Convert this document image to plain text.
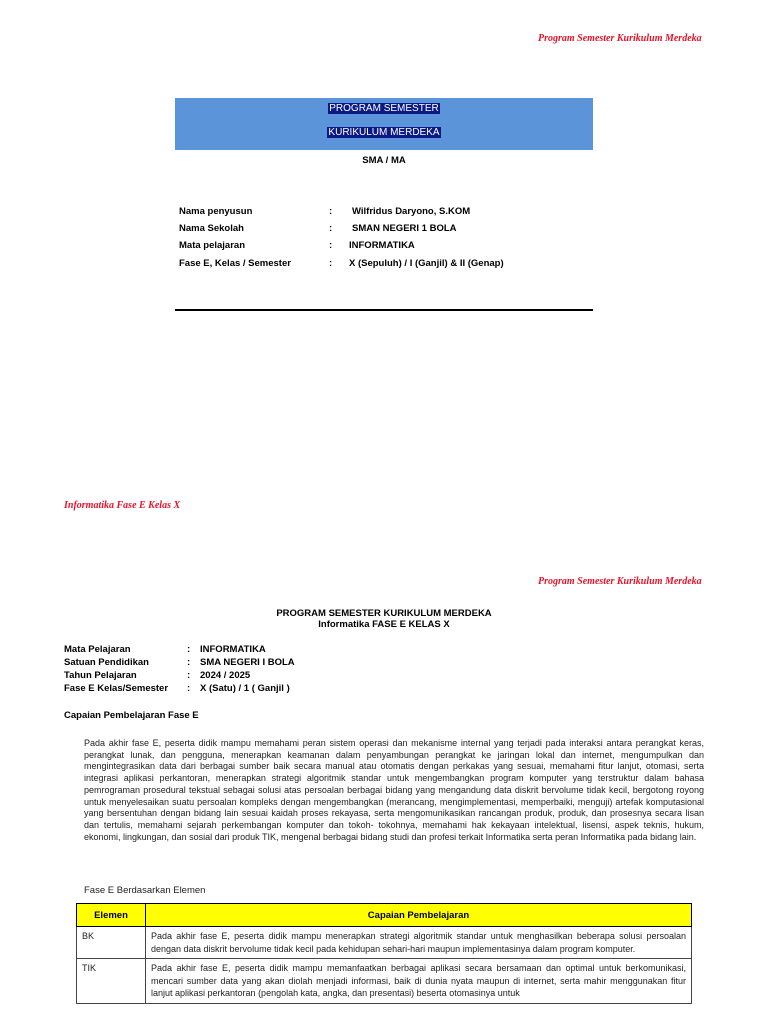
Program Semester Kurikulum Merdeka
PROGRAM SEMESTER
KURIKULUM MERDEKA
SMA / MA
Nama penyusun	: Wilfridus Daryono, S.KOM
Nama Sekolah	: SMAN NEGERI 1 BOLA
Mata pelajaran	: INFORMATIKA
Fase E, Kelas / Semester	: X (Sepuluh) / I (Ganjil) & II (Genap)
Informatika Fase E Kelas X
Program Semester Kurikulum Merdeka
PROGRAM SEMESTER KURIKULUM MERDEKA
Informatika FASE E KELAS X
Mata Pelajaran	: INFORMATIKA
Satuan Pendidikan	: SMA NEGERI I BOLA
Tahun Pelajaran	: 2024 / 2025
Fase E Kelas/Semester : X (Satu) / 1 ( Ganjil )
Capaian Pembelajaran Fase E
Pada akhir fase E, peserta didik mampu memahami peran sistem operasi dan mekanisme internal yang terjadi pada interaksi antara perangkat keras, perangkat lunak, dan pengguna, menerapkan keamanan dalam penyambungan perangkat ke jaringan lokal dan internet, mengumpulkan dan mengintegrasikan data dari berbagai sumber baik secara manual atau otomatis dengan perkakas yang sesuai, memahami fitur lanjut, otomasi, serta integrasi aplikasi perkantoran, menerapkan strategi algoritmik standar untuk mengembangkan program komputer yang terstruktur dalam bahasa pemrograman prosedural tekstual sebagai solusi atas persoalan berbagai bidang yang mengandung data diskrit bervolume tidak kecil, bergotong royong untuk menyelesaikan suatu persoalan kompleks dengan mengembangkan (merancang, mengimplementasi, memperbaiki, menguji) artefak komputasional yang bersentuhan dengan bidang lain sesuai kaidah proses rekayasa, serta mengomunikasikan rancangan produk, produk, dan prosesnya secara lisan dan tertulis, memahami sejarah perkembangan komputer dan tokoh- tokohnya, memahami hak kekayaan intelektual, lisensi, aspek teknis, hukum, ekonomi, lingkungan, dan sosial dari produk TIK, mengenal berbagai bidang studi dan profesi terkait Informatika serta peran Informatika pada bidang lain.
Fase E Berdasarkan Elemen
Elemen	Capaian Pembelajaran
BK	Pada akhir fase E, peserta didik mampu menerapkan strategi algoritmik standar untuk menghasilkan beberapa solusi persoalan dengan data diskrit bervolume tidak kecil pada kehidupan sehari-hari maupun implementasinya dalam program komputer.
TIK	Pada akhir fase E, peserta didik mampu memanfaatkan berbagai aplikasi secara bersamaan dan optimal untuk berkomunikasi, mencari sumber data yang akan diolah menjadi informasi, baik di dunia nyata maupun di internet, serta mahir menggunakan fitur lanjut aplikasi perkantoran (pengolah kata, angka, dan presentasi) beserta otomasinya untuk
